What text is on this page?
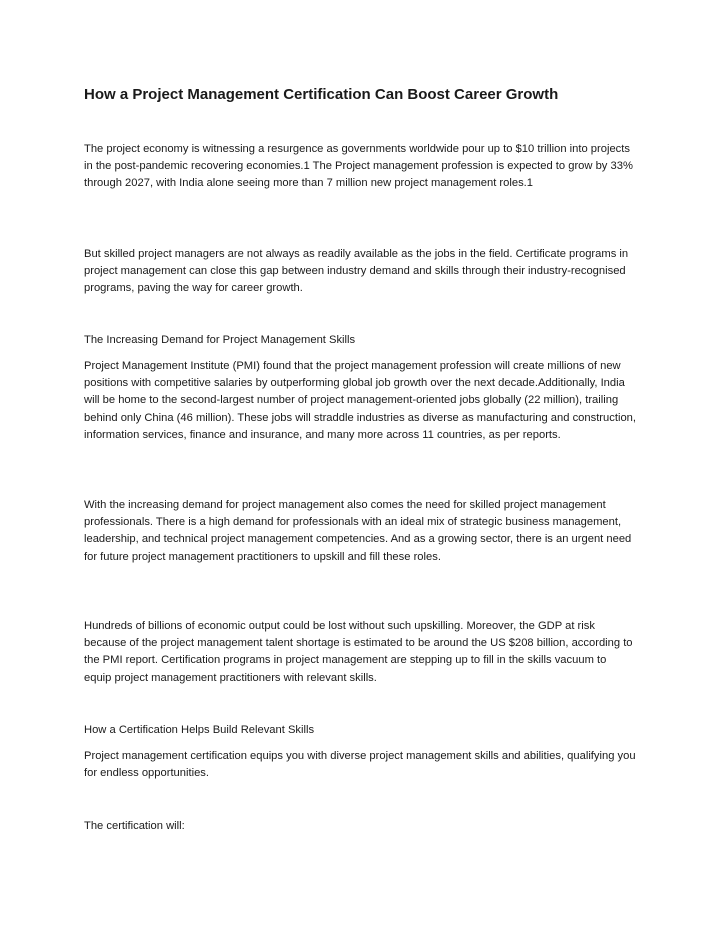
How a Project Management Certification Can Boost Career Growth

The project economy is witnessing a resurgence as governments worldwide pour up to $10 trillion into projects in the post-pandemic recovering economies.1 The Project management profession is expected to grow by 33% through 2027, with India alone seeing more than 7 million new project management roles.1

But skilled project managers are not always as readily available as the jobs in the field. Certificate programs in project management can close this gap between industry demand and skills through their industry-recognised programs, paving the way for career growth.

The Increasing Demand for Project Management Skills

Project Management Institute (PMI) found that the project management profession will create millions of new positions with competitive salaries by outperforming global job growth over the next decade.Additionally, India will be home to the second-largest number of project management-oriented jobs globally (22 million), trailing behind only China (46 million). These jobs will straddle industries as diverse as manufacturing and construction, information services, finance and insurance, and many more across 11 countries, as per reports.

With the increasing demand for project management also comes the need for skilled project management professionals. There is a high demand for professionals with an ideal mix of strategic business management, leadership, and technical project management competencies. And as a growing sector, there is an urgent need for future project management practitioners to upskill and fill these roles.

Hundreds of billions of economic output could be lost without such upskilling. Moreover, the GDP at risk because of the project management talent shortage is estimated to be around the US $208 billion, according to the PMI report. Certification programs in project management are stepping up to fill in the skills vacuum to equip project management practitioners with relevant skills.

How a Certification Helps Build Relevant Skills

Project management certification equips you with diverse project management skills and abilities, qualifying you for endless opportunities.

The certification will:
